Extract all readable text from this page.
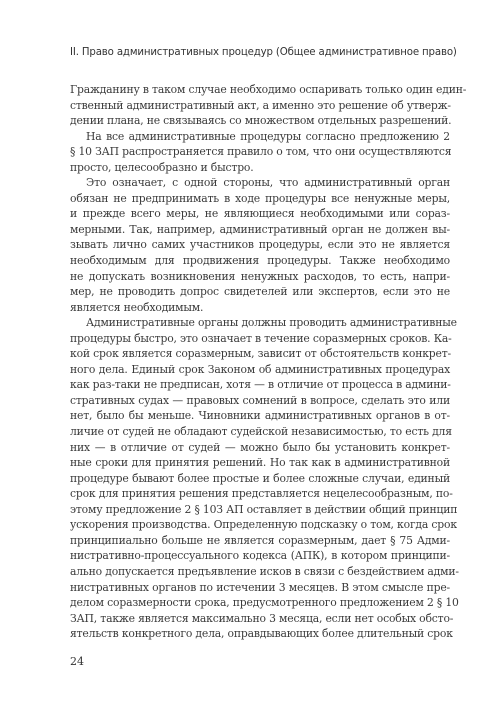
II. Право административных процедур (Общее административное право)

Гражданину в таком случае необходимо оспаривать только один един-
ственный административный акт, а именно это решение об утверж-
дении плана, не связываясь со множеством отдельных разрешений.

На все административные процедуры согласно предложению 2
§ 10 ЗАП распространяется правило о том, что они осуществляются
просто, целесообразно и быстро.

Это означает, с одной стороны, что административный орган
обязан не предпринимать в ходе процедуры все ненужные меры,
и прежде всего меры, не являющиеся необходимыми или сораз-
мерными. Так, например, административный орган не должен вы-
зывать лично самих участников процедуры, если это не является
необходимым для продвижения процедуры. Также необходимо
не допускать возникновения ненужных расходов, то есть, напри-
мер, не проводить допрос свидетелей или экспертов, если это не
является необходимым.

Административные органы должны проводить административные
процедуры быстро, это означает в течение соразмерных сроков. Ка-
кой срок является соразмерным, зависит от обстоятельств конкрет-
ного дела. Единый срок Законом об административных процедурах
как раз-таки не предписан, хотя — в отличие от процесса в админи-
стративных судах — правовых сомнений в вопросе, сделать это или
нет, было бы меньше. Чиновники административных органов в от-
личие от судей не обладают судейской независимостью, то есть для
них — в отличие от судей — можно было бы установить конкрет-
ные сроки для принятия решений. Но так как в административной
процедуре бывают более простые и более сложные случаи, единый
срок для принятия решения представляется нецелесообразным, по-
этому предложение 2 § 10З АП оставляет в действии общий принцип
ускорения производства. Определенную подсказку о том, когда срок
принципиально больше не является соразмерным, дает § 75 Адми-
нистративно-процессуального кодекса (АПК), в котором принципи-
ально допускается предъявление исков в связи с бездействием адми-
нистративных органов по истечении 3 месяцев. В этом смысле пре-
делом соразмерности срока, предусмотренного предложением 2 § 10
ЗАП, также является максимально 3 месяца, если нет особых обсто-
ятельств конкретного дела, оправдывающих более длительный срок

24
